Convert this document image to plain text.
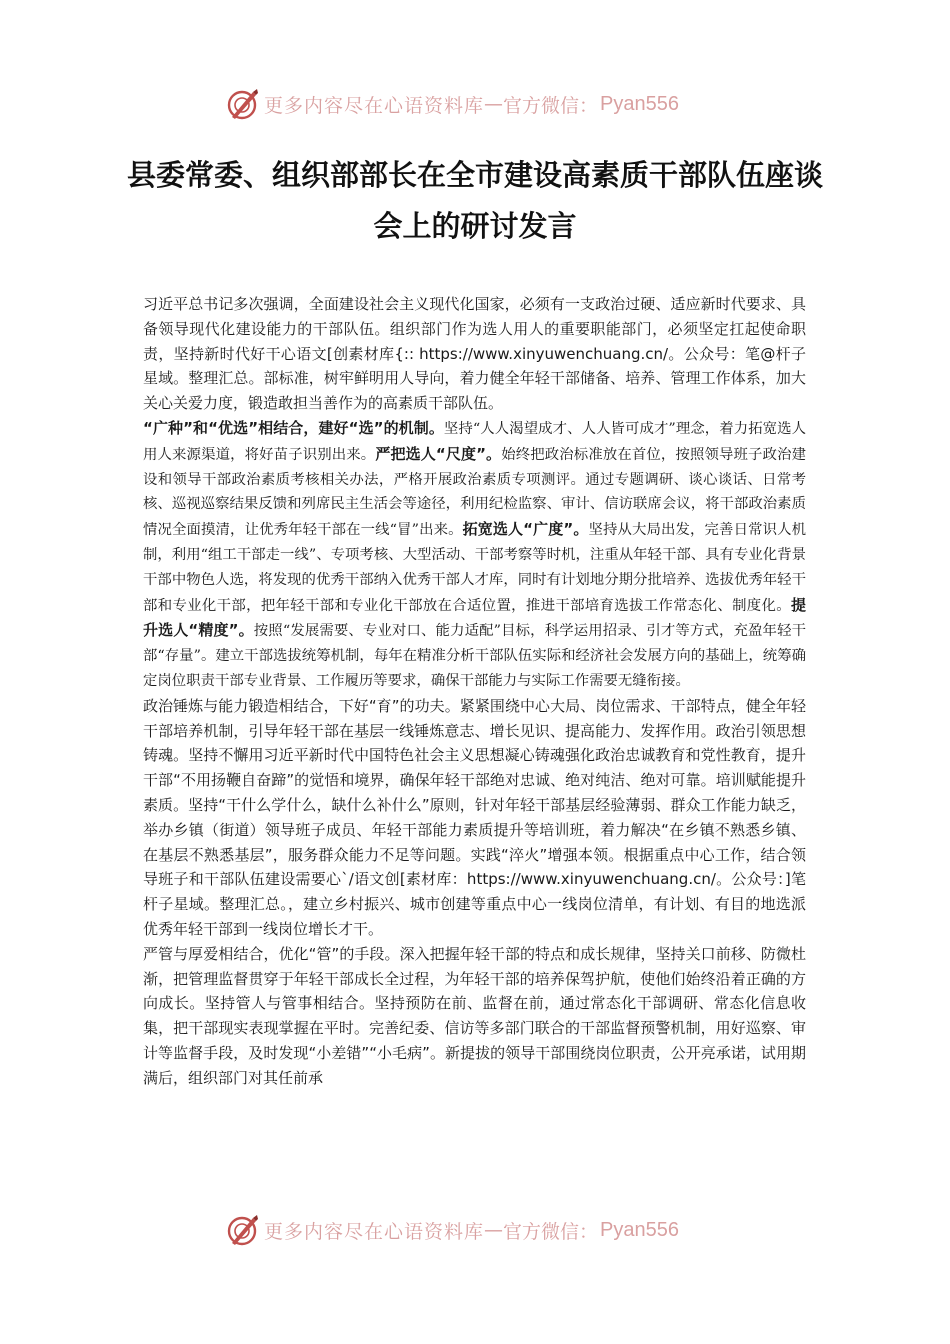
更多内容尽在心语资料库 — 官方微信： Pyan556
县委常委、组织部部长在全市建设高素质干部队伍座谈会上的研讨发言

习近平总书记多次强调，全面建设社会主义现代化国家，必须有一支政治过硬、适应新时代要求、具备领导现代化建设能力的干部队伍。组织部门作为选人用人的重要职能部门，必须坚定扛起使命职责，坚持新时代好干心语文[创素材库{:: https://www.xinyuwenchuang.cn/。公众号：笔@杆子星域。整理汇总。部标准，树牢鲜明用人导向，着力健全年轻干部储备、培养、管理工作体系，加大关心关爱力度，锻造敢担当善作为的高素质干部队伍。

“广种”和“优选”相结合，建好“选”的机制。坚持“人人渴望成才、人人皆可成才”理念，着力拓宽选人用人来源渠道，将好苗子识别出来。严把选人“尺度”。始终把政治标准放在首位，按照领导班子政治建设和领导干部政治素质考核相关办法，严格开展政治素质专项测评。通过专题调研、谈心谈话、日常考核、巡视巡察结果反馈和列席民主生活会等途径，利用纪检监察、审计、信访联席会议，将干部政治素质情况全面摸清，让优秀年轻干部在一线“冒”出来。拓宽选人“广度”。坚持从大局出发，完善日常识人机制，利用“组工干部走一线”、专项考核、大型活动、干部考察等时机，注重从年轻干部、具有专业化背景干部中物色人选，将发现的优秀干部纳入优秀干部人才库，同时有计划地分期分批培养、选拔优秀年轻干部和专业化干部，把年轻干部和专业化干部放在合适位置，推进干部培育选拔工作常态化、制度化。提升选人“精度”。按照“发展需要、专业对口、能力适配”目标，科学运用招录、引才等方式，充盈年轻干部“存量”。建立干部选拔统筹机制，每年在精准分析干部队伍实际和经济社会发展方向的基础上，统筹确定岗位职责干部专业背景、工作履历等要求，确保干部能力与实际工作需要无缝衔接。

政治锤炼与能力锻造相结合，下好“育”的功夫。紧紧围绕中心大局、岗位需求、干部特点，健全年轻干部培养机制，引导年轻干部在基层一线锤炼意志、增长见识、提高能力、发挥作用。政治引领思想铸魂。坚持不懈用习近平新时代中国特色社会主义思想凝心铸魂强化政治忠诚教育和党性教育，提升干部“不用扬鞭自奋蹄”的觉悟和境界，确保年轻干部绝对忠诚、绝对纯洁、绝对可靠。培训赋能提升素质。坚持“干什么学什么，缺什么补什么”原则，针对年轻干部基层经验薄弱、群众工作能力缺乏，举办乡镇（街道）领导班子成员、年轻干部能力素质提升等培训班，着力解决“在乡镇不熟悉乡镇、在基层不熟悉基层”，服务群众能力不足等问题。实践“淬火”增强本领。根据重点中心工作，结合领导班子和干部队伍建设需要心`/语文创[素材库：https://www.xinyuwenchuang.cn/。公众号：]笔杆子星域。整理汇总。，建立乡村振兴、城市创建等重点中心一线岗位清单，有计划、有目的地选派优秀年轻干部到一线岗位增长才干。

严管与厚爱相结合，优化“管”的手段。深入把握年轻干部的特点和成长规律，坚持关口前移、防微杜渐，把管理监督贯穿于年轻干部成长全过程，为年轻干部的培养保驾护航，使他们始终沿着正确的方向成长。坚持管人与管事相结合。坚持预防在前、监督在前，通过常态化干部调研、常态化信息收集，把干部现实表现掌握在平时。完善纪委、信访等多部门联合的干部监督预警机制，用好巡察、审计等监督手段，及时发现“小差错”“小毛病”。新提拔的领导干部围绕岗位职责，公开亮承诺，试用期满后，组织部门对其任前承

更多内容尽在心语资料库 — 官方微信： Pyan556
